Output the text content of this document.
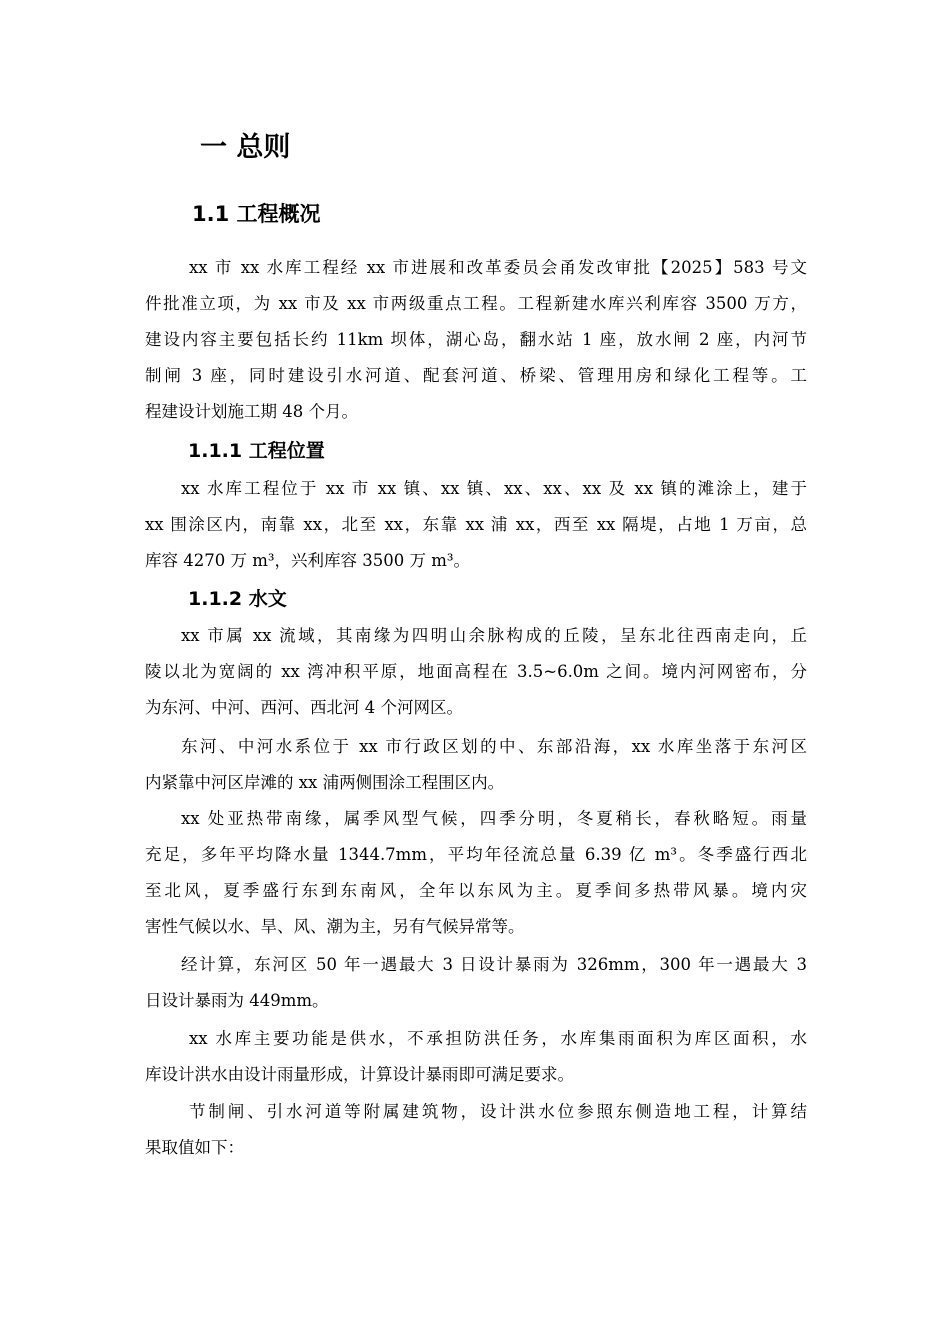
一 总则
1.1 工程概况
xx 市 xx 水库工程经 xx 市进展和改革委员会甬发改审批【2025】583 号文
件批准立项，为 xx 市及 xx 市两级重点工程。工程新建水库兴利库容 3500 万方，
建设内容主要包括长约 11km 坝体，湖心岛，翻水站 1 座，放水闸 2 座，内河节
制闸 3 座，同时建设引水河道、配套河道、桥梁、管理用房和绿化工程等。工
程建设计划施工期 48 个月。
1.1.1 工程位置
xx 水库工程位于 xx 市 xx 镇、xx 镇、xx、xx、xx 及 xx 镇的滩涂上，建于
xx 围涂区内，南靠 xx，北至 xx，东靠 xx 浦 xx，西至 xx 隔堤，占地 1 万亩，总
库容 4270 万 m³，兴利库容 3500 万 m³。
1.1.2 水文
xx 市属 xx 流域，其南缘为四明山余脉构成的丘陵，呈东北往西南走向，丘
陵以北为宽阔的 xx 湾冲积平原，地面高程在 3.5~6.0m 之间。境内河网密布，分
为东河、中河、西河、西北河 4 个河网区。
东河、中河水系位于 xx 市行政区划的中、东部沿海，xx 水库坐落于东河区
内紧靠中河区岸滩的 xx 浦两侧围涂工程围区内。
xx 处亚热带南缘，属季风型气候，四季分明，冬夏稍长，春秋略短。雨量
充足，多年平均降水量 1344.7mm，平均年径流总量 6.39 亿 m³。冬季盛行西北
至北风，夏季盛行东到东南风，全年以东风为主。夏季间多热带风暴。境内灾
害性气候以水、旱、风、潮为主，另有气候异常等。
经计算，东河区 50 年一遇最大 3 日设计暴雨为 326mm，300 年一遇最大 3
日设计暴雨为 449mm。
xx 水库主要功能是供水，不承担防洪任务，水库集雨面积为库区面积，水
库设计洪水由设计雨量形成，计算设计暴雨即可满足要求。
节制闸、引水河道等附属建筑物，设计洪水位参照东侧造地工程，计算结
果取值如下：
